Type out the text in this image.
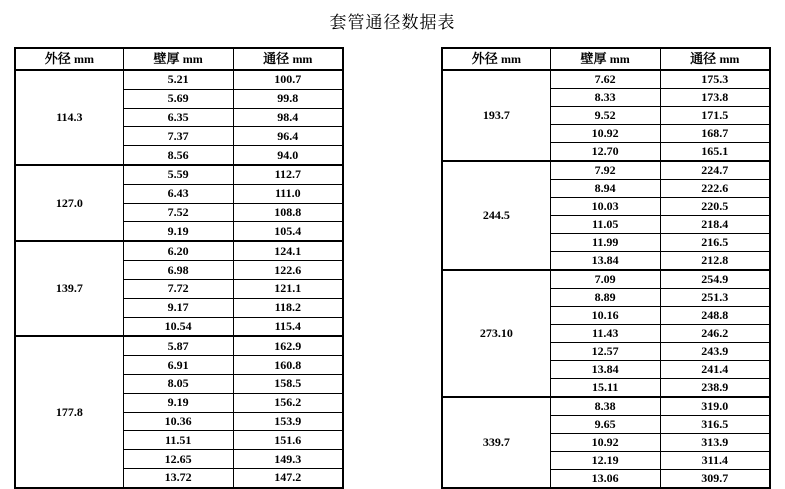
套管通径数据表
外径 mm	壁厚 mm	通径 mm
114.3	5.21	100.7
	5.69	99.8
	6.35	98.4
	7.37	96.4
	8.56	94.0
127.0	5.59	112.7
	6.43	111.0
	7.52	108.8
	9.19	105.4
139.7	6.20	124.1
	6.98	122.6
	7.72	121.1
	9.17	118.2
	10.54	115.4
177.8	5.87	162.9
	6.91	160.8
	8.05	158.5
	9.19	156.2
	10.36	153.9
	11.51	151.6
	12.65	149.3
	13.72	147.2
外径 mm	壁厚 mm	通径 mm
193.7	7.62	175.3
	8.33	173.8
	9.52	171.5
	10.92	168.7
	12.70	165.1
244.5	7.92	224.7
	8.94	222.6
	10.03	220.5
	11.05	218.4
	11.99	216.5
	13.84	212.8
273.10	7.09	254.9
	8.89	251.3
	10.16	248.8
	11.43	246.2
	12.57	243.9
	13.84	241.4
	15.11	238.9
339.7	8.38	319.0
	9.65	316.5
	10.92	313.9
	12.19	311.4
	13.06	309.7
